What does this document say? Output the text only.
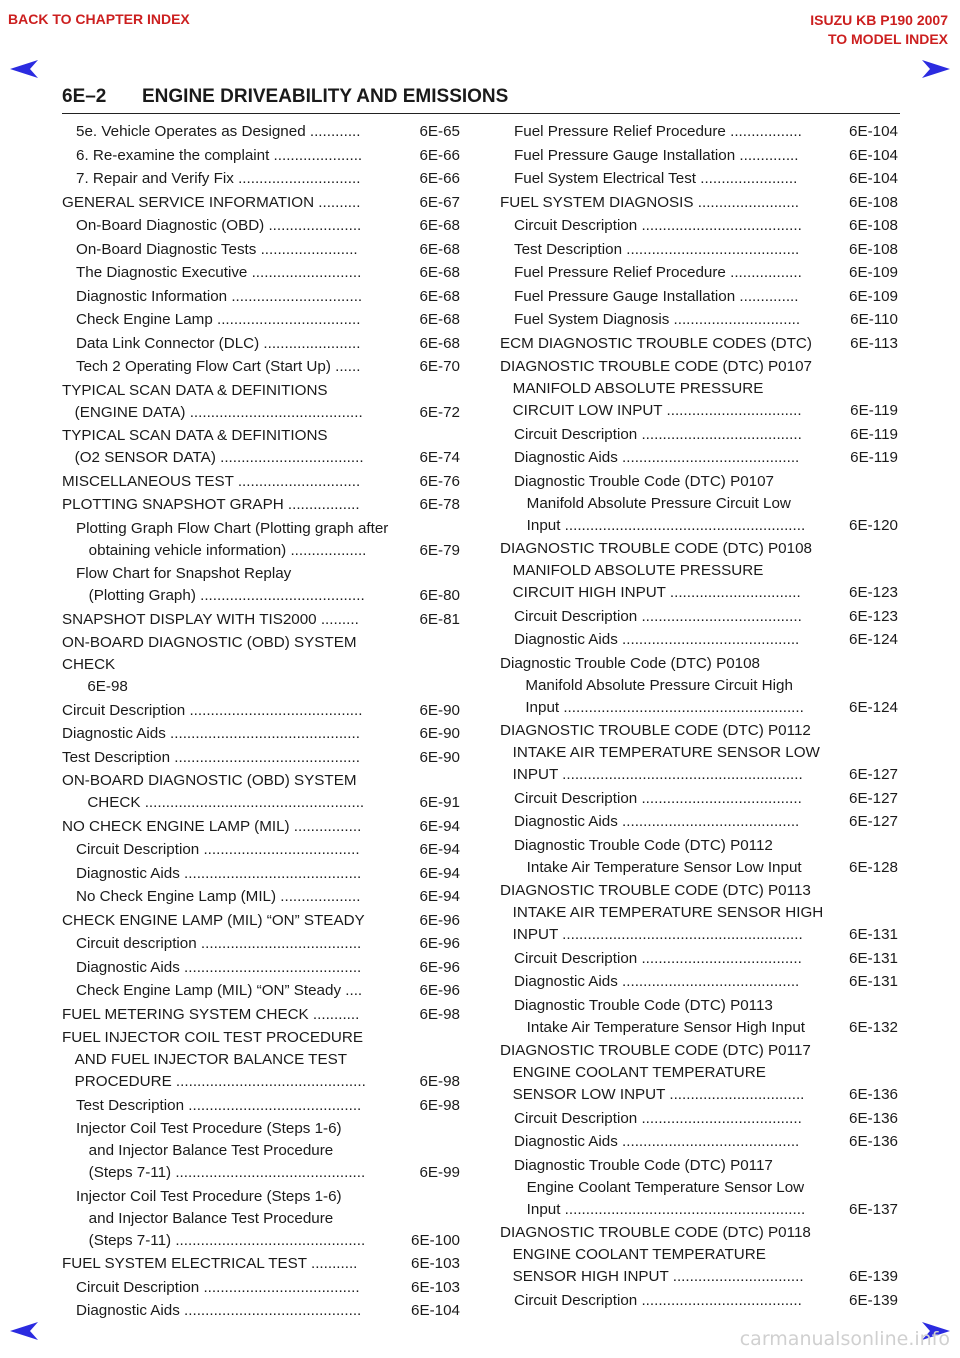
BACK TO CHAPTER INDEX	ISUZU KB P190 2007
TO MODEL INDEX
6E–2 ENGINE DRIVEABILITY AND EMISSIONS
5e. Vehicle Operates as Designed ............	6E-65
6. Re-examine the complaint .....................	6E-66
7. Repair and Verify Fix .............................	6E-66
GENERAL SERVICE INFORMATION ..........	6E-67
On-Board Diagnostic (OBD) ......................	6E-68
On-Board Diagnostic Tests .......................	6E-68
The Diagnostic Executive ..........................	6E-68
Diagnostic Information ...............................	6E-68
Check Engine Lamp ..................................	6E-68
Data Link Connector (DLC) .......................	6E-68
Tech 2 Operating Flow Cart (Start Up) ......	6E-70
TYPICAL SCAN DATA & DEFINITIONS
(ENGINE DATA) .........................................	6E-72
TYPICAL SCAN DATA & DEFINITIONS
(O2 SENSOR DATA) ..................................	6E-74
MISCELLANEOUS TEST .............................	6E-76
PLOTTING SNAPSHOT GRAPH .................	6E-78
Plotting Graph Flow Chart (Plotting graph after
obtaining vehicle information) ..................	6E-79
Flow Chart for Snapshot Replay
(Plotting Graph) .......................................	6E-80
SNAPSHOT DISPLAY WITH TIS2000 .........	6E-81
ON-BOARD DIAGNOSTIC (OBD) SYSTEM CHECK
6E-98
Circuit Description .........................................	6E-90
Diagnostic Aids .............................................	6E-90
Test Description ............................................	6E-90
ON-BOARD DIAGNOSTIC (OBD) SYSTEM
CHECK ....................................................	6E-91
NO CHECK ENGINE LAMP (MIL) ................	6E-94
Circuit Description .....................................	6E-94
Diagnostic Aids ..........................................	6E-94
No Check Engine Lamp (MIL) ...................	6E-94
CHECK ENGINE LAMP (MIL) “ON” STEADY	6E-96
Circuit description ......................................	6E-96
Diagnostic Aids ..........................................	6E-96
Check Engine Lamp (MIL) “ON” Steady ....	6E-96
FUEL METERING SYSTEM CHECK ...........	6E-98
FUEL INJECTOR COIL TEST PROCEDURE
AND FUEL INJECTOR BALANCE TEST
PROCEDURE .............................................	6E-98
Test Description .........................................	6E-98
Injector Coil Test Procedure (Steps 1-6)
and Injector Balance Test Procedure
(Steps 7-11) .............................................	6E-99
Injector Coil Test Procedure (Steps 1-6)
and Injector Balance Test Procedure
(Steps 7-11) .............................................	6E-100
FUEL SYSTEM ELECTRICAL TEST ...........	6E-103
Circuit Description .....................................	6E-103
Diagnostic Aids ..........................................	6E-104
Fuel Pressure Relief Procedure .................	6E-104
Fuel Pressure Gauge Installation ..............	6E-104
Fuel System Electrical Test .......................	6E-104
FUEL SYSTEM DIAGNOSIS ........................	6E-108
Circuit Description ......................................	6E-108
Test Description .........................................	6E-108
Fuel Pressure Relief Procedure .................	6E-109
Fuel Pressure Gauge Installation ..............	6E-109
Fuel System Diagnosis ..............................	6E-110
ECM DIAGNOSTIC TROUBLE CODES (DTC)	6E-113
DIAGNOSTIC TROUBLE CODE (DTC) P0107
MANIFOLD ABSOLUTE PRESSURE
CIRCUIT LOW INPUT ................................	6E-119
Circuit Description ......................................	6E-119
Diagnostic Aids ..........................................	6E-119
Diagnostic Trouble Code (DTC) P0107
Manifold Absolute Pressure Circuit Low
Input .........................................................	6E-120
DIAGNOSTIC TROUBLE CODE (DTC) P0108
MANIFOLD ABSOLUTE PRESSURE
CIRCUIT HIGH INPUT ...............................	6E-123
Circuit Description ......................................	6E-123
Diagnostic Aids ..........................................	6E-124
Diagnostic Trouble Code (DTC) P0108
Manifold Absolute Pressure Circuit High
Input .........................................................	6E-124
DIAGNOSTIC TROUBLE CODE (DTC) P0112
INTAKE AIR TEMPERATURE SENSOR LOW
INPUT .........................................................	6E-127
Circuit Description ......................................	6E-127
Diagnostic Aids ..........................................	6E-127
Diagnostic Trouble Code (DTC) P0112
Intake Air Temperature Sensor Low Input	6E-128
DIAGNOSTIC TROUBLE CODE (DTC) P0113
INTAKE AIR TEMPERATURE SENSOR HIGH
INPUT .........................................................	6E-131
Circuit Description ......................................	6E-131
Diagnostic Aids ..........................................	6E-131
Diagnostic Trouble Code (DTC) P0113
Intake Air Temperature Sensor High Input	6E-132
DIAGNOSTIC TROUBLE CODE (DTC) P0117
ENGINE COOLANT TEMPERATURE
SENSOR LOW INPUT ................................	6E-136
Circuit Description ......................................	6E-136
Diagnostic Aids ..........................................	6E-136
Diagnostic Trouble Code (DTC) P0117
Engine Coolant Temperature Sensor Low
Input .........................................................	6E-137
DIAGNOSTIC TROUBLE CODE (DTC) P0118
ENGINE COOLANT TEMPERATURE
SENSOR HIGH INPUT ...............................	6E-139
Circuit Description ......................................	6E-139
carmanualsonline.info
